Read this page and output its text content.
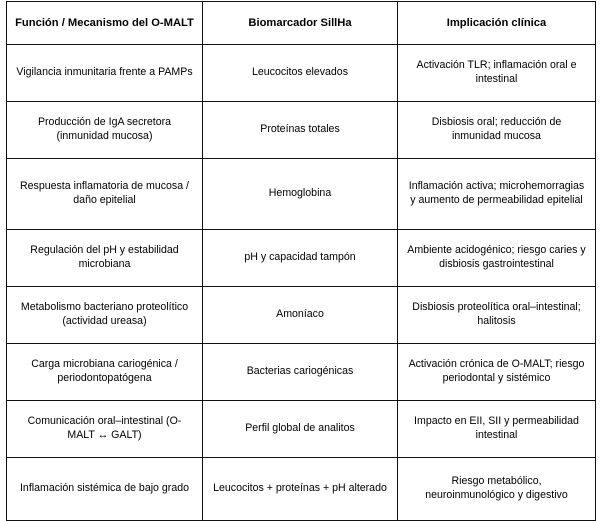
Función / Mecanismo del O-MALT	Biomarcador SillHa	Implicación clínica
Vigilancia inmunitaria frente a PAMPs	Leucocitos elevados	Activación TLR; inflamación oral e intestinal
Producción de IgA secretora (inmunidad mucosa)	Proteínas totales	Disbiosis oral; reducción de inmunidad mucosa
Respuesta inflamatoria de mucosa / daño epitelial	Hemoglobina	Inflamación activa; microhemorragias y aumento de permeabilidad epitelial
Regulación del pH y estabilidad microbiana	pH y capacidad tampón	Ambiente acidogénico; riesgo caries y disbiosis gastrointestinal
Metabolismo bacteriano proteolítico (actividad ureasa)	Amoníaco	Disbiosis proteolítica oral–intestinal; halitosis
Carga microbiana cariogénica / periodontopatógena	Bacterias cariogénicas	Activación crónica de O-MALT; riesgo periodontal y sistémico
Comunicación oral–intestinal (O-MALT ↔ GALT)	Perfil global de analitos	Impacto en EII, SII y permeabilidad intestinal
Inflamación sistémica de bajo grado	Leucocitos + proteínas + pH alterado	Riesgo metabólico, neuroinmunológico y digestivo
